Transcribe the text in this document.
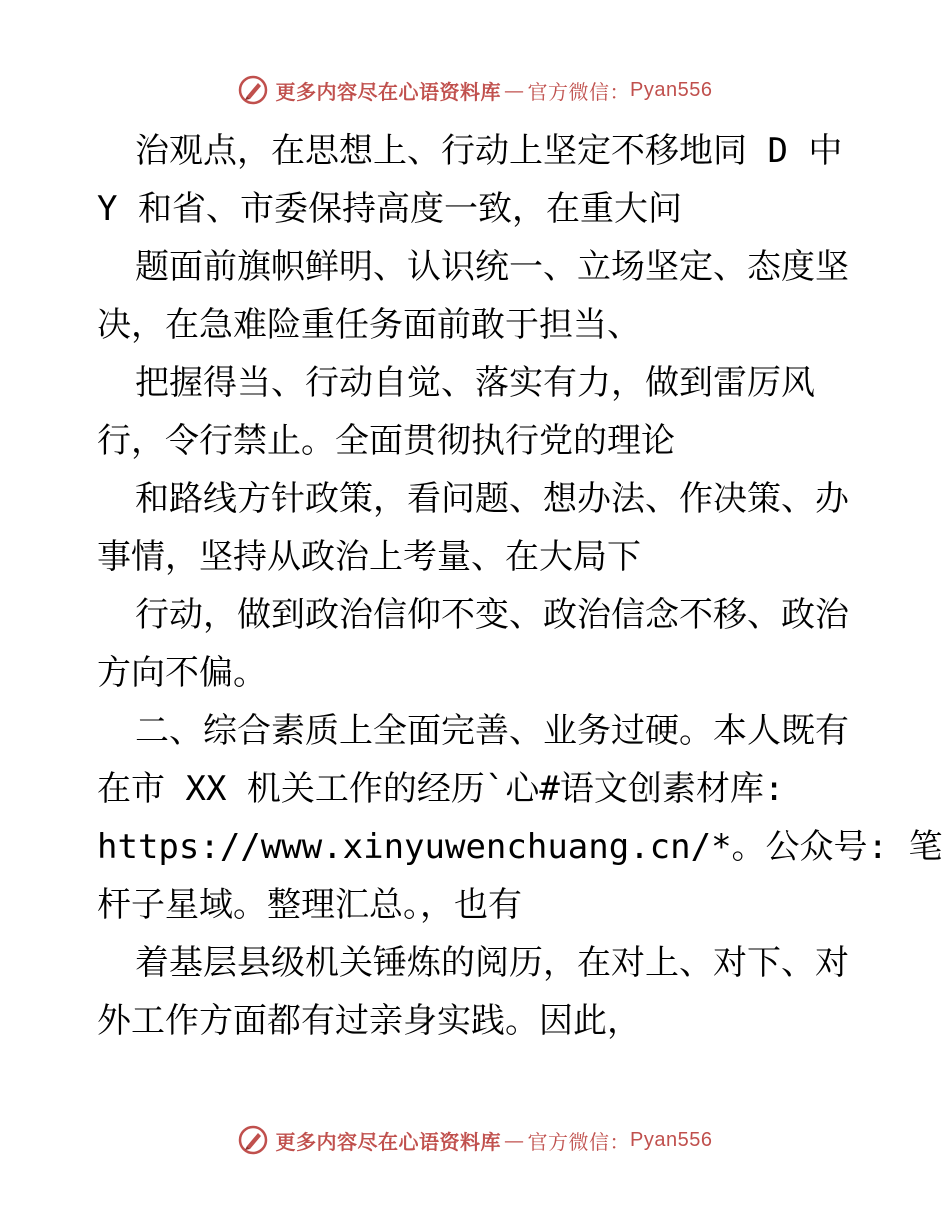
更多内容尽在心语资料库 — 官方微信： Pyan556
治观点，在思想上、行动上坚定不移地同 D 中
Y 和省、市委保持高度一致，在重大问
题面前旗帜鲜明、认识统一、立场坚定、态度坚
决，在急难险重任务面前敢于担当、
把握得当、行动自觉、落实有力，做到雷厉风
行，令行禁止。全面贯彻执行党的理论
和路线方针政策，看问题、想办法、作决策、办
事情，坚持从政治上考量、在大局下
行动，做到政治信仰不变、政治信念不移、政治
方向不偏。
二、综合素质上全面完善、业务过硬。本人既有
在市 XX 机关工作的经历`心#语文创素材库:
https://www.xinyuwenchuang.cn/*。公众号: 笔
杆子星域。整理汇总。，也有
着基层县级机关锤炼的阅历，在对上、对下、对
外工作方面都有过亲身实践。因此，
更多内容尽在心语资料库 — 官方微信： Pyan556
